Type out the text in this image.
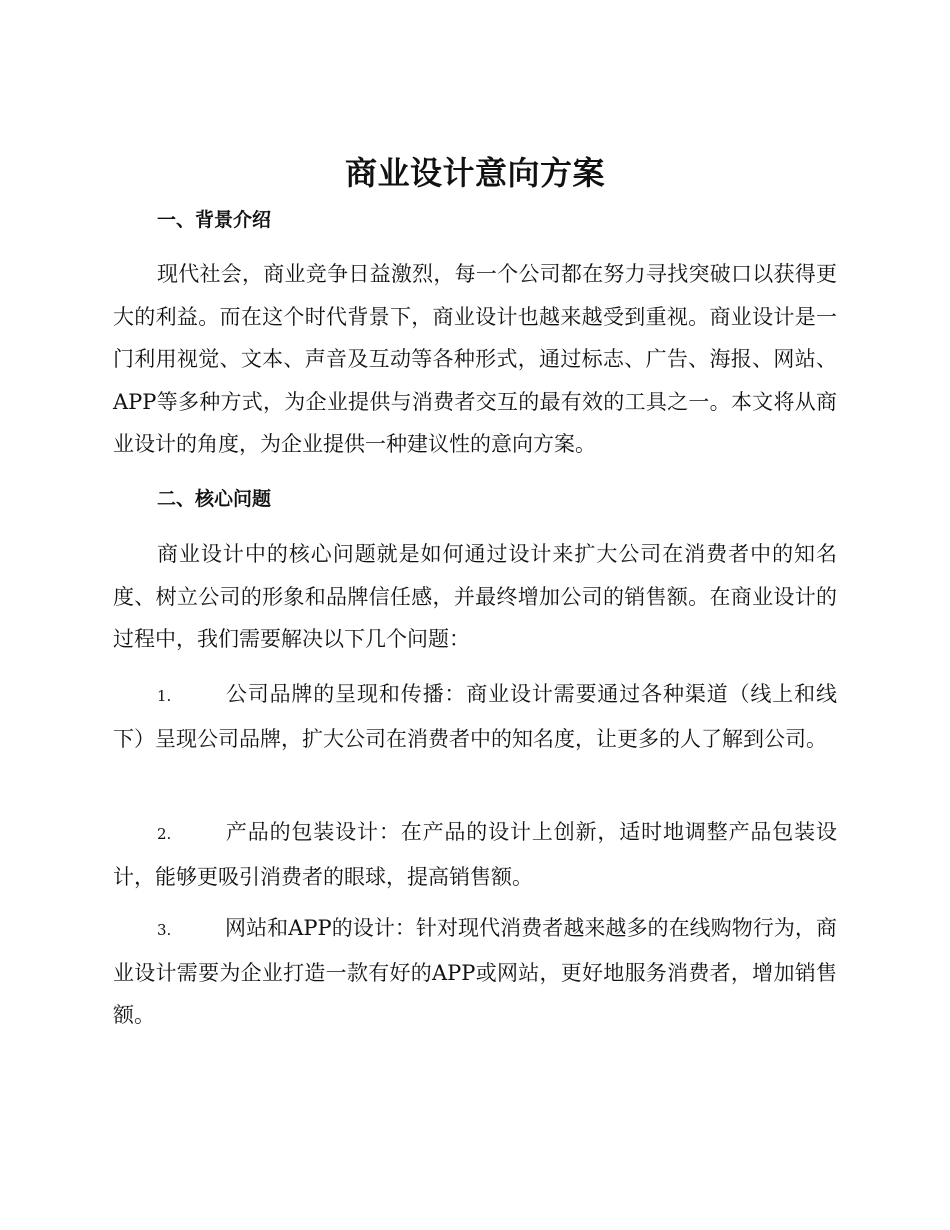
商业设计意向方案
一、背景介绍

现代社会，商业竞争日益激烈，每一个公司都在努力寻找突破口以获得更大的利益。而在这个时代背景下，商业设计也越来越受到重视。商业设计是一门利用视觉、文本、声音及互动等各种形式，通过标志、广告、海报、网站、APP等多种方式，为企业提供与消费者交互的最有效的工具之一。本文将从商业设计的角度，为企业提供一种建议性的意向方案。

二、核心问题

商业设计中的核心问题就是如何通过设计来扩大公司在消费者中的知名度、树立公司的形象和品牌信任感，并最终增加公司的销售额。在商业设计的过程中，我们需要解决以下几个问题：

1.	公司品牌的呈现和传播：商业设计需要通过各种渠道（线上和线下）呈现公司品牌，扩大公司在消费者中的知名度，让更多的人了解到公司。

2.	产品的包装设计：在产品的设计上创新，适时地调整产品包装设计，能够更吸引消费者的眼球，提高销售额。

3.	网站和APP的设计：针对现代消费者越来越多的在线购物行为，商业设计需要为企业打造一款有好的APP或网站，更好地服务消费者，增加销售额。
